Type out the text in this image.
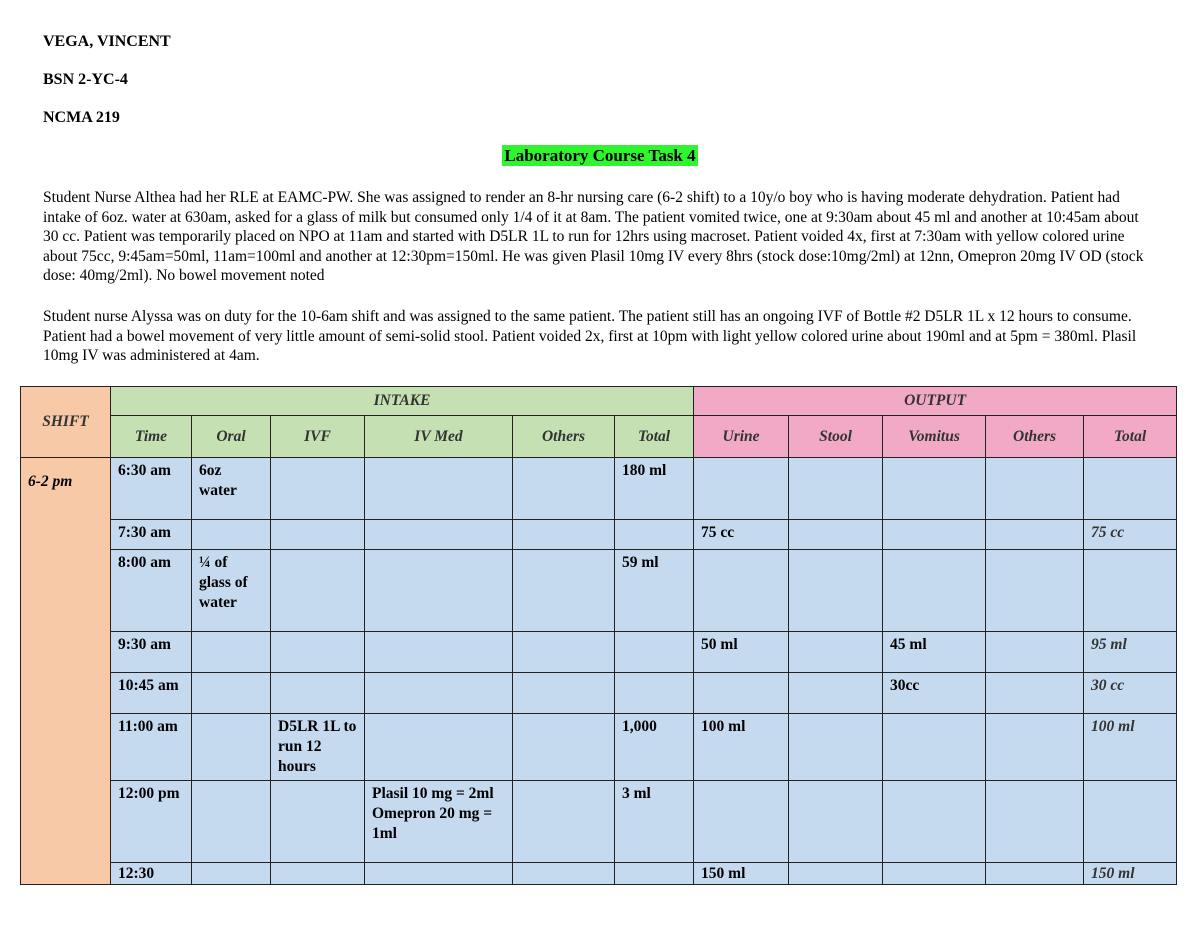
VEGA, VINCENT
BSN 2-YC-4
NCMA 219
Laboratory Course Task 4

Student Nurse Althea had her RLE at EAMC-PW. She was assigned to render an 8-hr nursing care (6-2 shift) to a 10y/o boy who is having moderate dehydration. Patient had intake of 6oz. water at 630am, asked for a glass of milk but consumed only 1/4 of it at 8am. The patient vomited twice, one at 9:30am about 45 ml and another at 10:45am about 30 cc. Patient was temporarily placed on NPO at 11am and started with D5LR 1L to run for 12hrs using macroset. Patient voided 4x, first at 7:30am with yellow colored urine about 75cc, 9:45am=50ml, 11am=100ml and another at 12:30pm=150ml. He was given Plasil 10mg IV every 8hrs (stock dose:10mg/2ml) at 12nn, Omepron 20mg IV OD (stock dose: 40mg/2ml). No bowel movement noted

Student nurse Alyssa was on duty for the 10-6am shift and was assigned to the same patient. The patient still has an ongoing IVF of Bottle #2 D5LR 1L x 12 hours to consume. Patient had a bowel movement of very little amount of semi-solid stool. Patient voided 2x, first at 10pm with light yellow colored urine about 190ml and at 5pm = 380ml. Plasil 10mg IV was administered at 4am.

SHIFT	INTAKE						OUTPUT				
	Time	Oral	IVF	IV Med	Others	Total	Urine	Stool	Vomitus	Others	Total
6-2 pm	6:30 am	6oz water				180 ml					
	7:30 am						75 cc				75 cc
	8:00 am	¼ of glass of water				59 ml					
	9:30 am						50 ml		45 ml		95 ml
	10:45 am								30cc		30 cc
	11:00 am		D5LR 1L to run 12 hours			1,000	100 ml				100 ml
	12:00 pm			Plasil 10 mg = 2ml
Omepron 20 mg = 1ml		3 ml					
	12:30						150 ml				150 ml
